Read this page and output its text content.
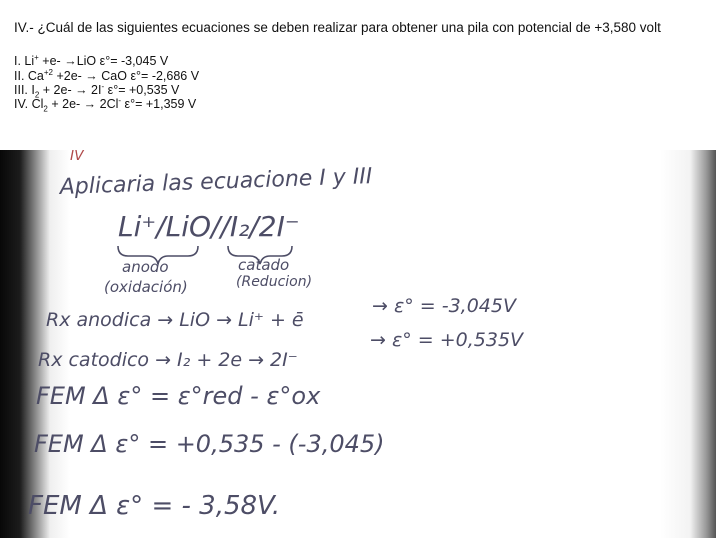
IV.- ¿Cuál de las siguientes ecuaciones se deben realizar para obtener una pila con potencial de +3,580 volt
I. Li+ +e- →LiO ε°= -3,045 V
II. $Ca^{+2} +2e-$ → CaO ε°= -2,686 V
III. $I_2 + 2e- \to 2I^-$ ε°= +0,535 V
IV. $Cl_2 + 2e- \to 2Cl^-$ ε°= +1,359 V
IV
Aplicaria las ecuacione I y III
Li⁺/LiO//I₂/2I⁻
anodo	catado
(oxidación)	(Reducion)
Rx anodica → LiO → Li⁺ + ē
→ ε° = -3,045V
Rx catodico → I₂ + 2e → 2I⁻
→ ε° = +0,535V
FEM Δ ε° = ε°red - ε°ox
FEM Δ ε° = +0,535 - (-3,045)
FEM Δ ε° = - 3,58V.
